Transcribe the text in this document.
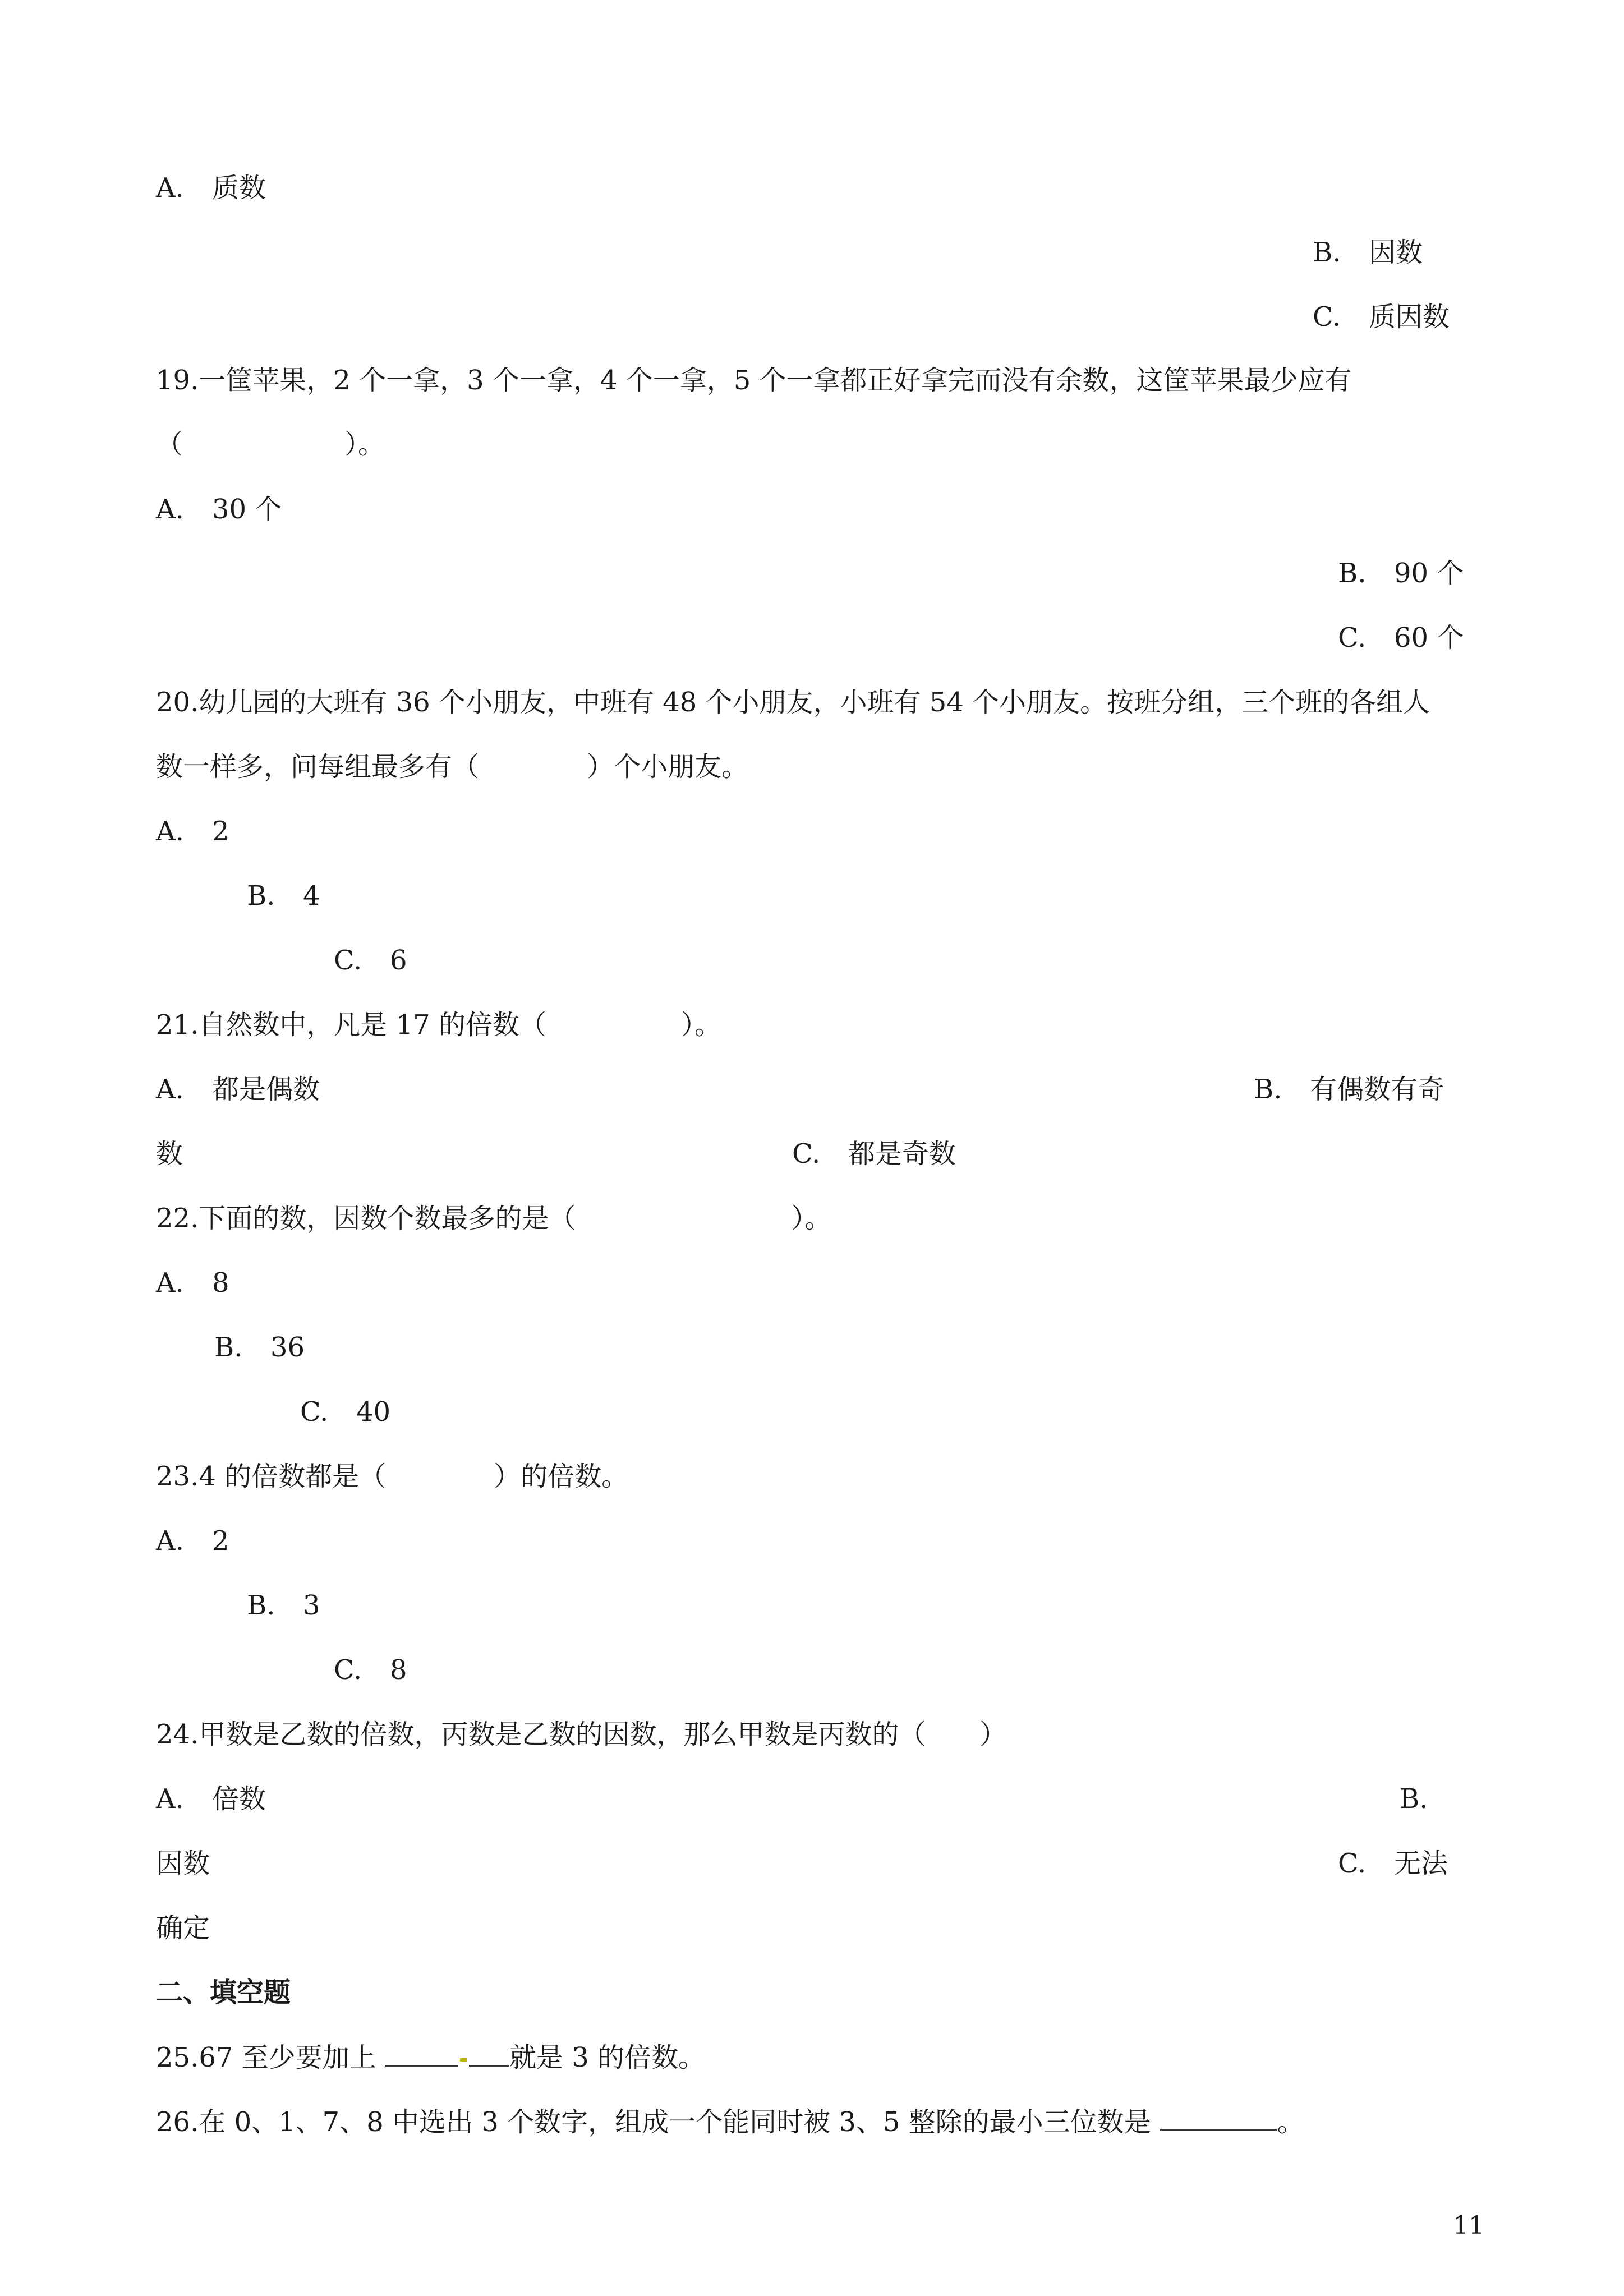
A. 质数
B. 因数
C. 质因数
19.一筐苹果，2 个一拿，3 个一拿，4 个一拿，5 个一拿都正好拿完而没有余数，这筐苹果最少应有
（　　　　　　）。
A. 30 个
B. 90 个
C. 60 个
20.幼儿园的大班有 36 个小朋友，中班有 48 个小朋友，小班有 54 个小朋友。按班分组，三个班的各组人
数一样多，问每组最多有（　　　　）个小朋友。
A. 2
B. 4
C. 6
21.自然数中，凡是 17 的倍数（　　　　　）。
A. 都是偶数	B. 有偶数有奇
数	C. 都是奇数
22.下面的数，因数个数最多的是（　　　　　　　　）。
A. 8
B. 36
C. 40
23.4 的倍数都是（　　　　）的倍数。
A. 2
B. 3
C. 8
24.甲数是乙数的倍数，丙数是乙数的因数，那么甲数是丙数的（　　）
A. 倍数	B.
因数	C. 无法
确定
二、填空题
25.67 至少要加上	就是 3 的倍数。
26.在 0、1、7、8 中选出 3 个数字，组成一个能同时被 3、5 整除的最小三位数是	。
11
